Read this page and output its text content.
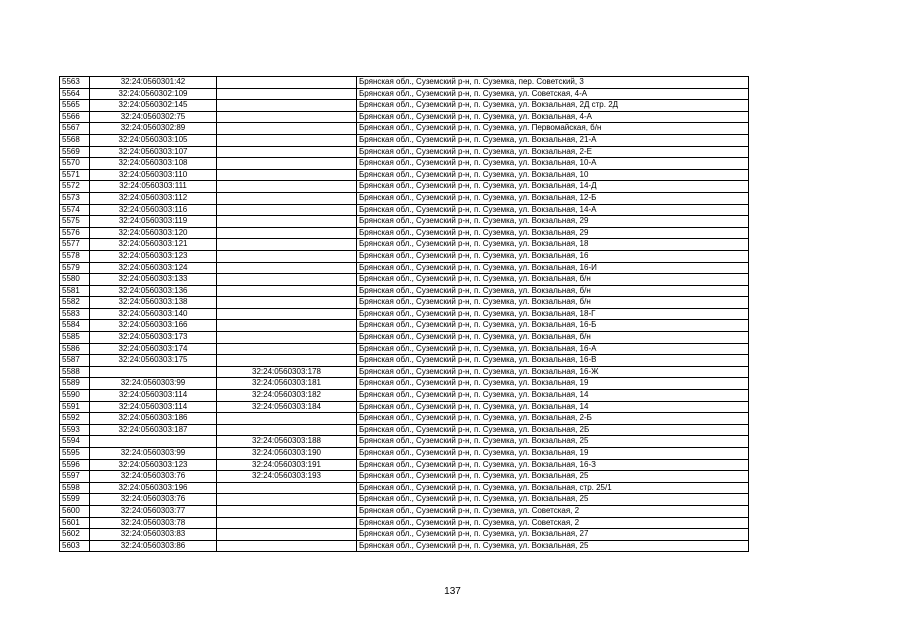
5563	32:24:0560301:42		Брянская обл., Суземский р-н, п. Суземка, пер. Советский, 3
5564	32:24:0560302:109		Брянская обл., Суземский р-н, п. Суземка, ул. Советская, 4-А
5565	32:24:0560302:145		Брянская обл., Суземский р-н, п. Суземка, ул. Вокзальная, 2Д стр. 2Д
5566	32:24:0560302:75		Брянская обл., Суземский р-н, п. Суземка, ул. Вокзальная, 4-А
5567	32:24:0560302:89		Брянская обл., Суземский р-н, п. Суземка, ул. Первомайская, б/н
5568	32:24:0560303:105		Брянская обл., Суземский р-н, п. Суземка, ул. Вокзальная, 21-А
5569	32:24:0560303:107		Брянская обл., Суземский р-н, п. Суземка, ул. Вокзальная, 2-Е
5570	32:24:0560303:108		Брянская обл., Суземский р-н, п. Суземка, ул. Вокзальная, 10-А
5571	32:24:0560303:110		Брянская обл., Суземский р-н, п. Суземка, ул. Вокзальная, 10
5572	32:24:0560303:111		Брянская обл., Суземский р-н, п. Суземка, ул. Вокзальная, 14-Д
5573	32:24:0560303:112		Брянская обл., Суземский р-н, п. Суземка, ул. Вокзальная, 12-Б
5574	32:24:0560303:116		Брянская обл., Суземский р-н, п. Суземка, ул. Вокзальная, 14-А
5575	32:24:0560303:119		Брянская обл., Суземский р-н, п. Суземка, ул. Вокзальная, 29
5576	32:24:0560303:120		Брянская обл., Суземский р-н, п. Суземка, ул. Вокзальная, 29
5577	32:24:0560303:121		Брянская обл., Суземский р-н, п. Суземка, ул. Вокзальная, 18
5578	32:24:0560303:123		Брянская обл., Суземский р-н, п. Суземка, ул. Вокзальная, 16
5579	32:24:0560303:124		Брянская обл., Суземский р-н, п. Суземка, ул. Вокзальная, 16-И
5580	32:24:0560303:133		Брянская обл., Суземский р-н, п. Суземка, ул. Вокзальная, б/н
5581	32:24:0560303:136		Брянская обл., Суземский р-н, п. Суземка, ул. Вокзальная, б/н
5582	32:24:0560303:138		Брянская обл., Суземский р-н, п. Суземка, ул. Вокзальная, б/н
5583	32:24:0560303:140		Брянская обл., Суземский р-н, п. Суземка, ул. Вокзальная, 18-Г
5584	32:24:0560303:166		Брянская обл., Суземский р-н, п. Суземка, ул. Вокзальная, 16-Б
5585	32:24:0560303:173		Брянская обл., Суземский р-н, п. Суземка, ул. Вокзальная, б/н
5586	32:24:0560303:174		Брянская обл., Суземский р-н, п. Суземка, ул. Вокзальная, 16-А
5587	32:24:0560303:175		Брянская обл., Суземский р-н, п. Суземка, ул. Вокзальная, 16-В
5588		32:24:0560303:178	Брянская обл., Суземский р-н, п. Суземка, ул. Вокзальная, 16-Ж
5589	32:24:0560303:99	32:24:0560303:181	Брянская обл., Суземский р-н, п. Суземка, ул. Вокзальная, 19
5590	32:24:0560303:114	32:24:0560303:182	Брянская обл., Суземский р-н, п. Суземка, ул. Вокзальная, 14
5591	32:24:0560303:114	32:24:0560303:184	Брянская обл., Суземский р-н, п. Суземка, ул. Вокзальная, 14
5592	32:24:0560303:186		Брянская обл., Суземский р-н, п. Суземка, ул. Вокзальная, 2-Б
5593	32:24:0560303:187		Брянская обл., Суземский р-н, п. Суземка, ул. Вокзальная, 2Б
5594		32:24:0560303:188	Брянская обл., Суземский р-н, п. Суземка, ул. Вокзальная, 25
5595	32:24:0560303:99	32:24:0560303:190	Брянская обл., Суземский р-н, п. Суземка, ул. Вокзальная, 19
5596	32:24:0560303:123	32:24:0560303:191	Брянская обл., Суземский р-н, п. Суземка, ул. Вокзальная, 16-З
5597	32:24:0560303:76	32:24:0560303:193	Брянская обл., Суземский р-н, п. Суземка, ул. Вокзальная, 25
5598	32:24:0560303:196		Брянская обл., Суземский р-н, п. Суземка, ул. Вокзальная, стр. 25/1
5599	32:24:0560303:76		Брянская обл., Суземский р-н, п. Суземка, ул. Вокзальная, 25
5600	32:24:0560303:77		Брянская обл., Суземский р-н, п. Суземка, ул. Советская, 2
5601	32:24:0560303:78		Брянская обл., Суземский р-н, п. Суземка, ул. Советская, 2
5602	32:24:0560303:83		Брянская обл., Суземский р-н, п. Суземка, ул. Вокзальная, 27
5603	32:24:0560303:86		Брянская обл., Суземский р-н, п. Суземка, ул. Вокзальная, 25
137
